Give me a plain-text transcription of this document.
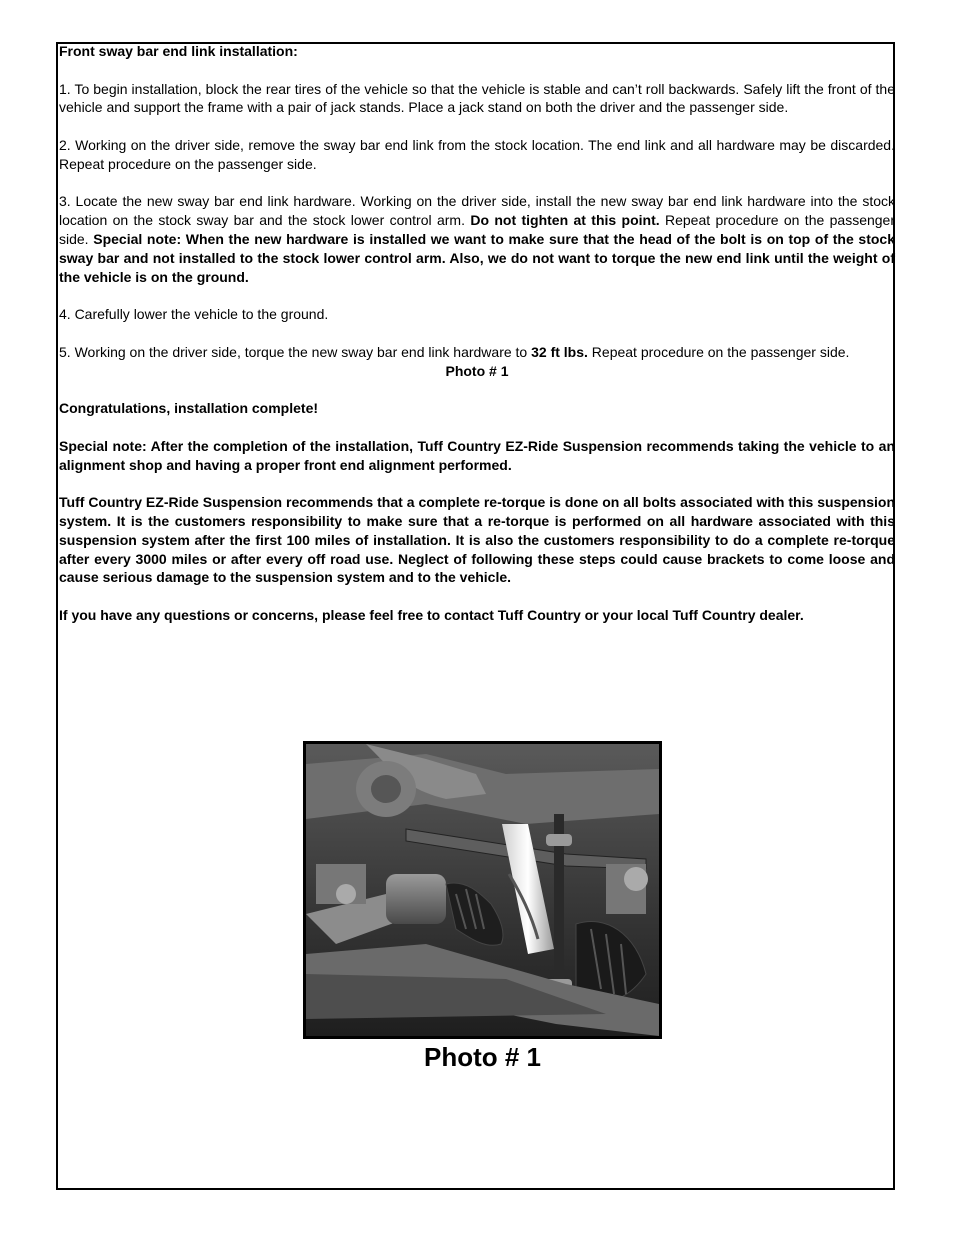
Front sway bar end link installation:

1. To begin installation, block the rear tires of the vehicle so that the vehicle is stable and can’t roll backwards. Safely lift the front of the vehicle and support the frame with a pair of jack stands. Place a jack stand on both the driver and the passenger side.

2. Working on the driver side, remove the sway bar end link from the stock location. The end link and all hardware may be discarded. Repeat procedure on the passenger side.

3. Locate the new sway bar end link hardware. Working on the driver side, install the new sway bar end link hardware into the stock location on the stock sway bar and the stock lower control arm. Do not tighten at this point. Repeat procedure on the passenger side. Special note: When the new hardware is installed we want to make sure that the head of the bolt is on top of the stock sway bar and not installed to the stock lower control arm. Also, we do not want to torque the new end link until the weight of the vehicle is on the ground.

4. Carefully lower the vehicle to the ground.

5. Working on the driver side, torque the new sway bar end link hardware to 32 ft lbs. Repeat procedure on the passenger side.

Photo # 1

Congratulations, installation complete!

Special note: After the completion of the installation, Tuff Country EZ-Ride Suspension recommends taking the vehicle to an alignment shop and having a proper front end alignment performed.

Tuff Country EZ-Ride Suspension recommends that a complete re-torque is done on all bolts associated with this suspension system. It is the customers responsibility to make sure that a re-torque is performed on all hardware associated with this suspension system after the first 100 miles of installation. It is also the customers responsibility to do a complete re-torque after every 3000 miles or after every off road use. Neglect of following these steps could cause brackets to come loose and cause serious damage to the suspension system and to the vehicle.

If you have any questions or concerns, please feel free to contact Tuff Country or your local Tuff Country dealer.

Photo # 1
